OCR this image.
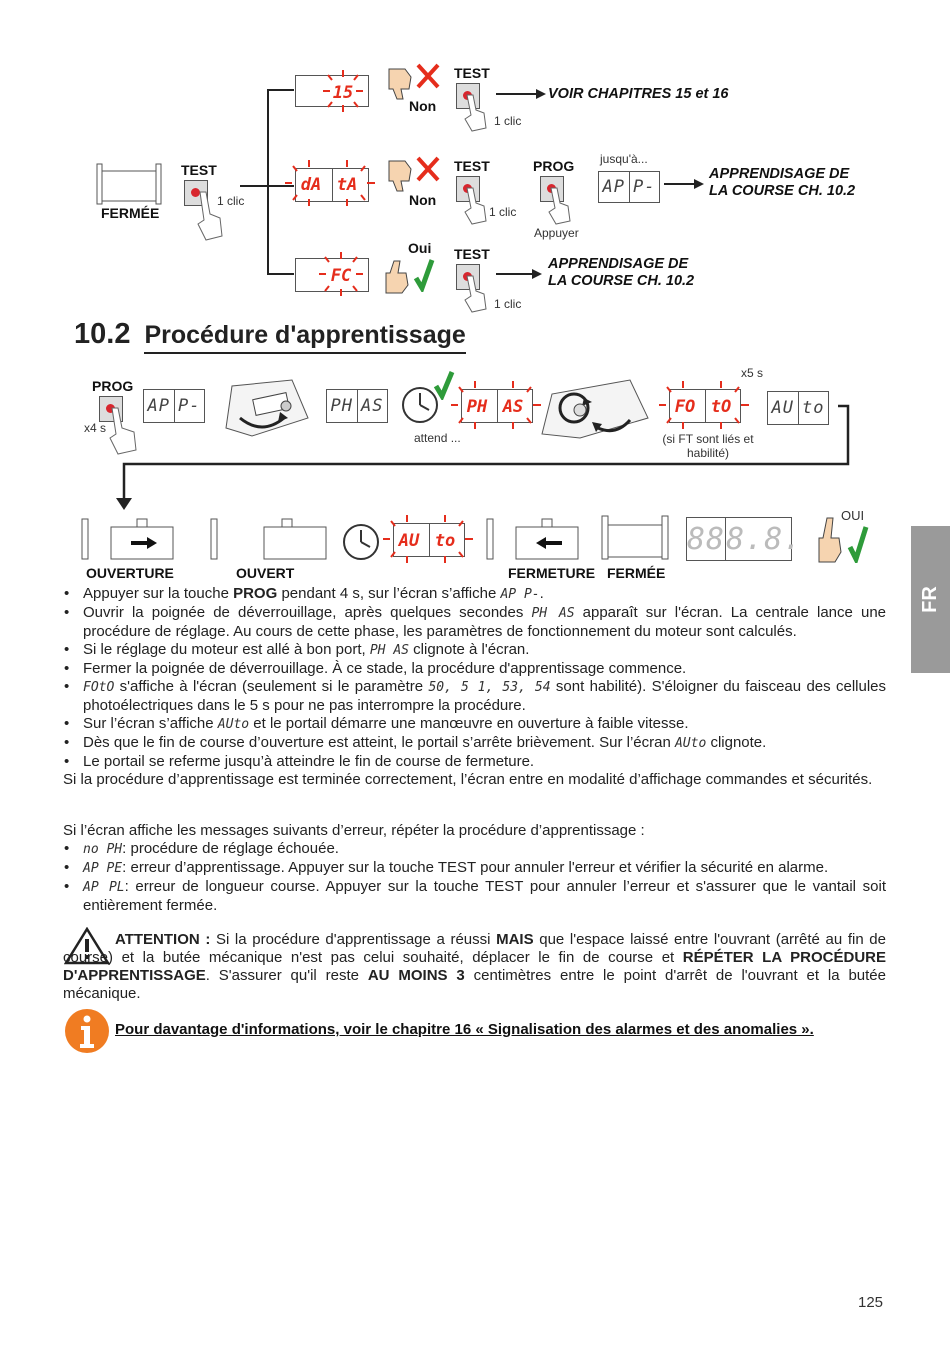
FERMÉE
TEST
1 clic
15
Non
TEST
1 clic
VOIR CHAPITRES 15 et 16
dA tA
Non
TEST
1 clic
PROG
Appuyer
jusqu'à...
AP P-
APPRENDISAGE DE
LA COURSE CH. 10.2
FC
Oui TEST
1 clic
APPRENDISAGE DE
LA COURSE CH. 10.2
10.2 Procédure d'apprentissage
PROG
x4 s
AP P-	PH AS
attend ...
PH AS
x5 s
FO tO
(si FT sont liés et
habilité)
AU to
OUVERTURE	OUVERT
AU to
FERMETURE FERMÉE
88 8.8.
OUI
• Appuyer sur la touche PROG pendant 4 s, sur l’écran s’affiche AP P-.
• Ouvrir la poignée de déverrouillage, après quelques secondes PH AS apparaît sur l'écran. La centrale lance une procédure de réglage. Au cours de cette phase, les paramètres de fonctionnement du moteur sont calculés.
• Si le réglage du moteur est allé à bon port, PH AS clignote à l'écran.
• Fermer la poignée de déverrouillage. À ce stade, la procédure d'apprentissage commence.
• FOtO s'affiche à l'écran (seulement si le paramètre 50, 5 1, 53, 54 sont habilité). S'éloigner du faisceau des cellules photoélectriques dans le 5 s pour ne pas interrompre la procédure.
• Sur l’écran s’affiche AUto et le portail démarre une manœuvre en ouverture à faible vitesse.
• Dès que le fin de course d’ouverture est atteint, le portail s’arrête brièvement. Sur l’écran AUto clignote.
• Le portail se referme jusqu’à atteindre le fin de course de fermeture.
Si la procédure d’apprentissage est terminée correctement, l’écran entre en modalité d’affichage commandes et sécurités.
Si l’écran affiche les messages suivants d’erreur, répéter la procédure d’apprentissage :
• no PH: procédure de réglage échouée.
• AP PE: erreur d’apprentissage. Appuyer sur la touche TEST pour annuler l'erreur et vérifier la sécurité en alarme.
• AP PL: erreur de longueur course. Appuyer sur la touche TEST pour annuler l’erreur et s'assurer que le vantail soit entièrement fermée.
ATTENTION : Si la procédure d'apprentissage a réussi MAIS que l'espace laissé entre l'ouvrant (arrêté au fin de course) et la butée mécanique n'est pas celui souhaité, déplacer le fin de course et RÉPÉTER LA PROCÉDURE D'APPRENTISSAGE. S'assurer qu'il reste AU MOINS 3 centimètres entre le point d'arrêt de l'ouvrant et la butée mécanique.
Pour davantage d'informations, voir le chapitre 16 « Signalisation des alarmes et des anomalies ».
FR
125
